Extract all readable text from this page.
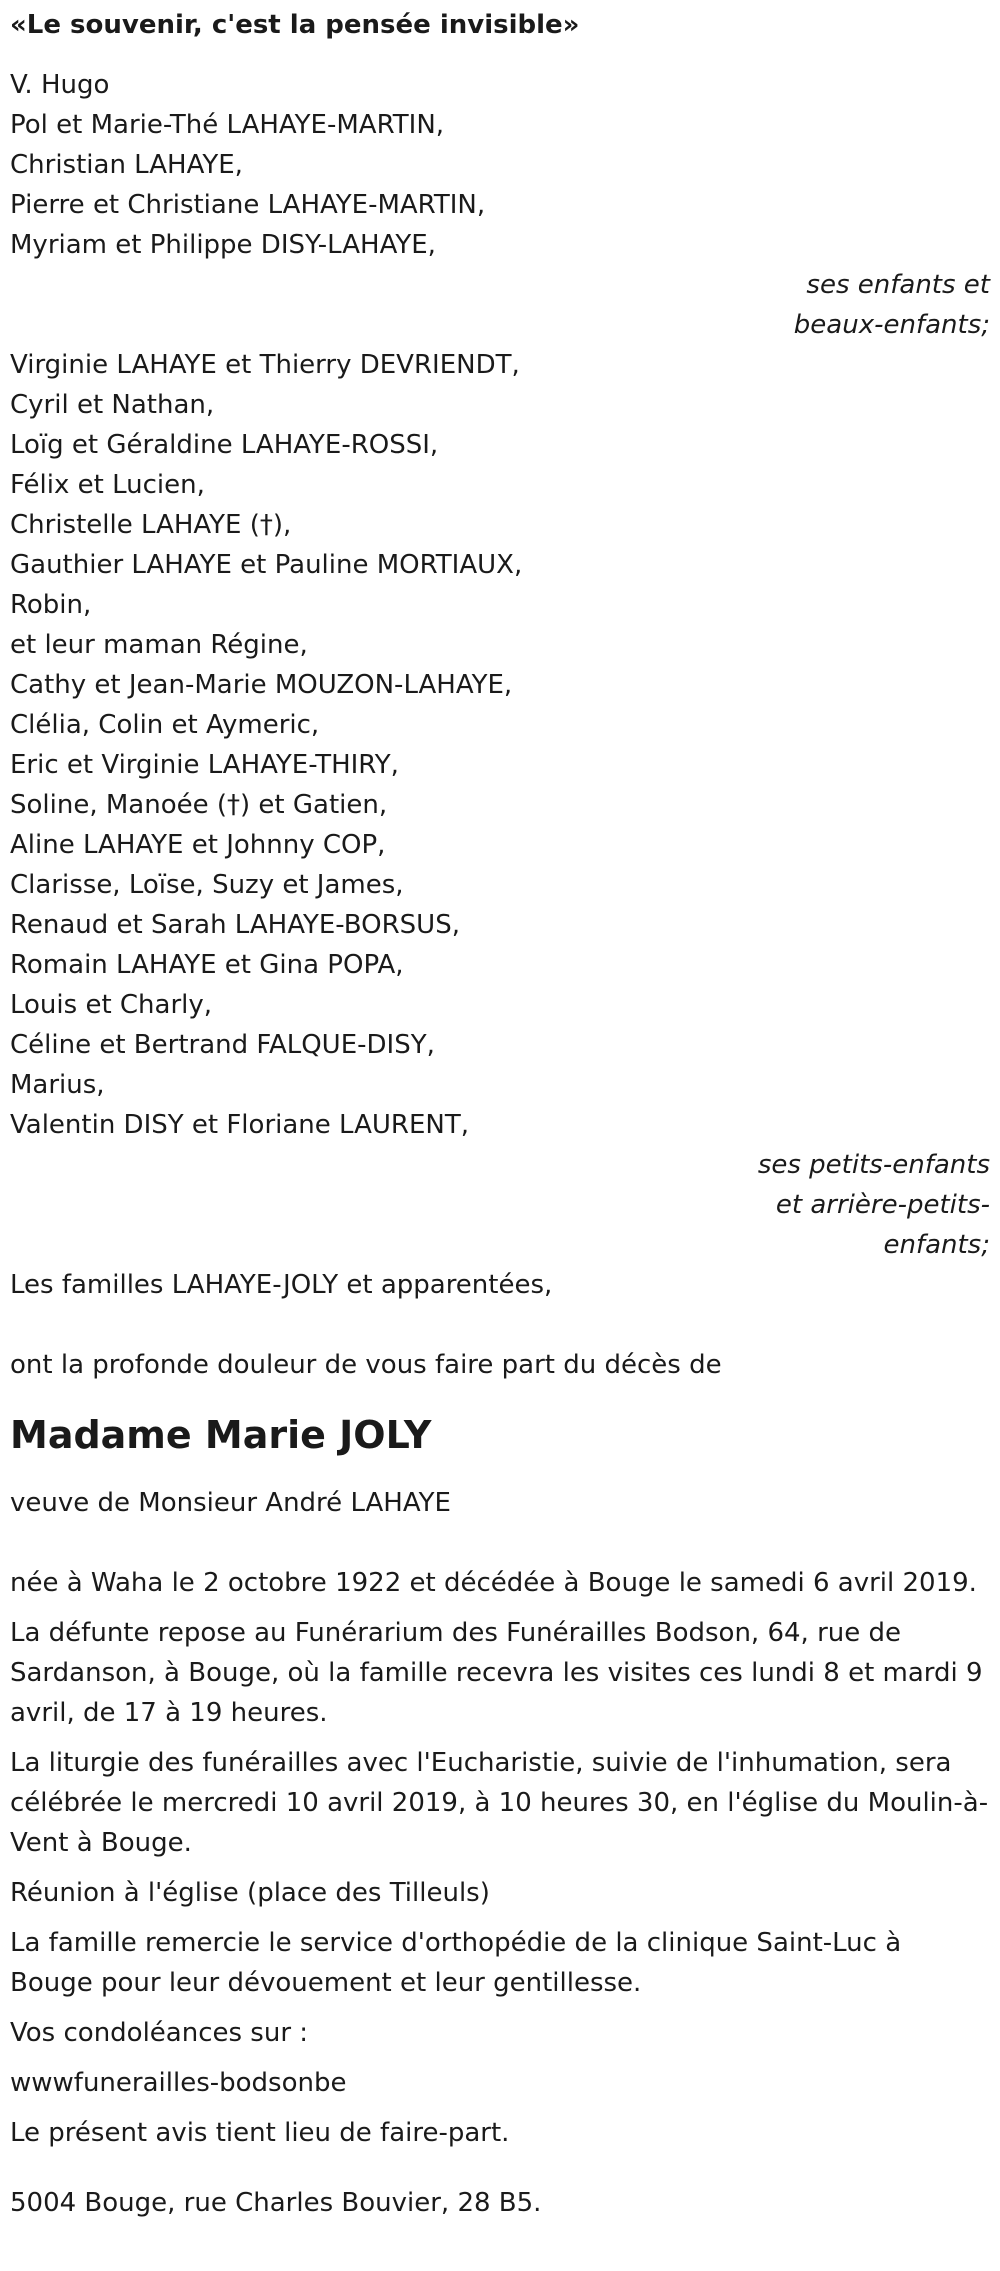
«Le souvenir, c'est la pensée invisible»
V. Hugo
Pol et Marie-Thé LAHAYE-MARTIN,
Christian LAHAYE,
Pierre et Christiane LAHAYE-MARTIN,
Myriam et Philippe DISY-LAHAYE,
ses enfants et
beaux-enfants;
Virginie LAHAYE et Thierry DEVRIENDT,
Cyril et Nathan,
Loïg et Géraldine LAHAYE-ROSSI,
Félix et Lucien,
Christelle LAHAYE (†),
Gauthier LAHAYE et Pauline MORTIAUX,
Robin,
et leur maman Régine,
Cathy et Jean-Marie MOUZON-LAHAYE,
Clélia, Colin et Aymeric,
Eric et Virginie LAHAYE-THIRY,
Soline, Manoée (†) et Gatien,
Aline LAHAYE et Johnny COP,
Clarisse, Loïse, Suzy et James,
Renaud et Sarah LAHAYE-BORSUS,
Romain LAHAYE et Gina POPA,
Louis et Charly,
Céline et Bertrand FALQUE-DISY,
Marius,
Valentin DISY et Floriane LAURENT,
ses petits-enfants
et arrière-petits-
enfants;
Les familles LAHAYE-JOLY et apparentées,
ont la profonde douleur de vous faire part du décès de
Madame Marie JOLY
veuve de Monsieur André LAHAYE
née à Waha le 2 octobre 1922 et décédée à Bouge le samedi 6 avril 2019.
La défunte repose au Funérarium des Funérailles Bodson, 64, rue de Sardanson, à Bouge, où la famille recevra les visites ces lundi 8 et mardi 9 avril, de 17 à 19 heures.
La liturgie des funérailles avec l'Eucharistie, suivie de l'inhumation, sera célébrée le mercredi 10 avril 2019, à 10 heures 30, en l'église du Moulin-à-Vent à Bouge.
Réunion à l'église (place des Tilleuls)
La famille remercie le service d'orthopédie de la clinique Saint-Luc à Bouge pour leur dévouement et leur gentillesse.
Vos condoléances sur :
wwwfunerailles-bodsonbe
Le présent avis tient lieu de faire-part.
5004 Bouge, rue Charles Bouvier, 28 B5.
